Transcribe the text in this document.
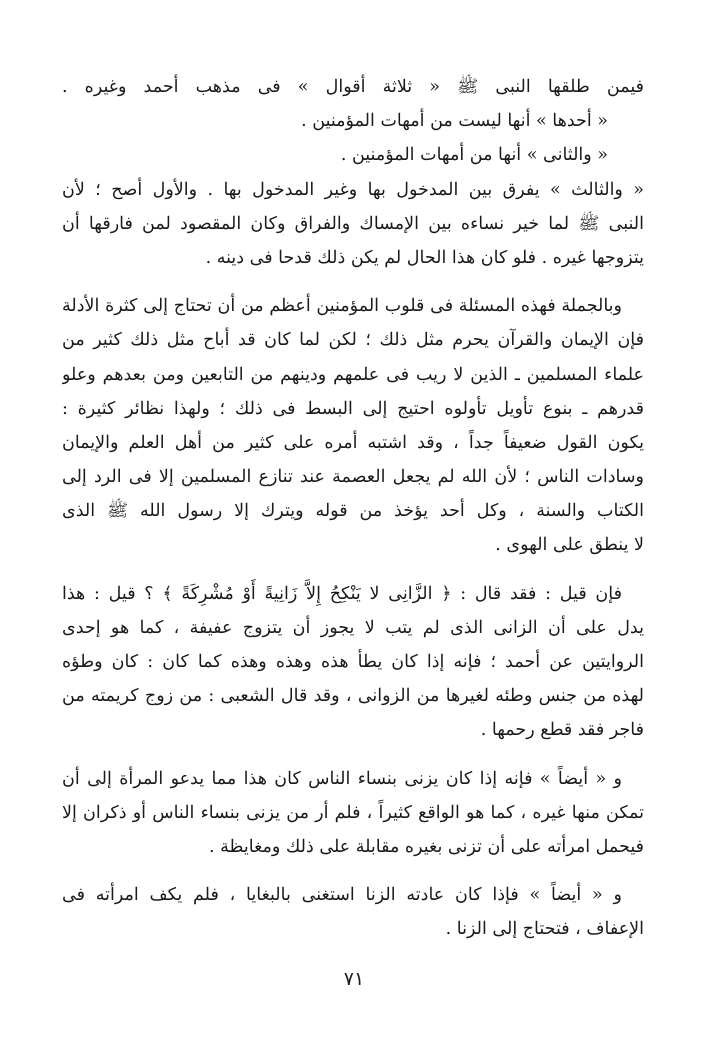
فيمن طلقها النبى ﷺ « ثلاثة أقوال » فى مذهب أحمد وغيره .
« أحدها » أنها ليست من أمهات المؤمنين .
« والثانى » أنها من أمهات المؤمنين .
« والثالث » يفرق بين المدخول بها وغير المدخول بها . والأول أصح ؛ لأن
النبى ﷺ لما خير نساءه بين الإمساك والفراق وكان المقصود لمن فارقها أن
يتزوجها غيره . فلو كان هذا الحال لم يكن ذلك قدحا فى دينه .
وبالجملة فهذه المسئلة فى قلوب المؤمنين أعظم من أن تحتاج إلى كثرة الأدلة
فإن الإيمان والقرآن يحرم مثل ذلك ؛ لكن لما كان قد أباح مثل ذلك كثير من
علماء المسلمين ـ الذين لا ريب فى علمهم ودينهم من التابعين ومن بعدهم وعلو
قدرهم ـ بنوع تأويل تأولوه احتيج إلى البسط فى ذلك ؛ ولهذا نظائر كثيرة :
يكون القول ضعيفاً جداً ، وقد اشتبه أمره على كثير من أهل العلم والإيمان
وسادات الناس ؛ لأن الله لم يجعل العصمة عند تنازع المسلمين إلا فى الرد إلى
الكتاب والسنة ، وكل أحد يؤخذ من قوله ويترك إلا رسول الله ﷺ الذى
لا ينطق على الهوى .
فإن قيل : فقد قال : ﴿ الزَّانِى لا يَنْكِحُ إِلاَّ زَانِيةً أَوْ مُشْرِكَةً ﴾ ؟ قيل : هذا
يدل على أن الزانى الذى لم يتب لا يجوز أن يتزوج عفيفة ، كما هو إحدى
الروايتين عن أحمد ؛ فإنه إذا كان يطأ هذه وهذه وهذه كما كان : كان وطؤه
لهذه من جنس وطئه لغيرها من الزوانى ، وقد قال الشعبى : من زوج كريمته من
فاجر فقد قطع رحمها .
و « أيضاً » فإنه إذا كان يزنى بنساء الناس كان هذا مما يدعو المرأة إلى أن
تمكن منها غيره ، كما هو الواقع كثيراً ، فلم أر من يزنى بنساء الناس أو ذكران إلا
فيحمل امرأته على أن تزنى بغيره مقابلة على ذلك ومغايظة .
و « أيضاً » فإذا كان عادته الزنا استغنى بالبغايا ، فلم يكف امرأته فى
الإعفاف ، فتحتاج إلى الزنا .
٧١
